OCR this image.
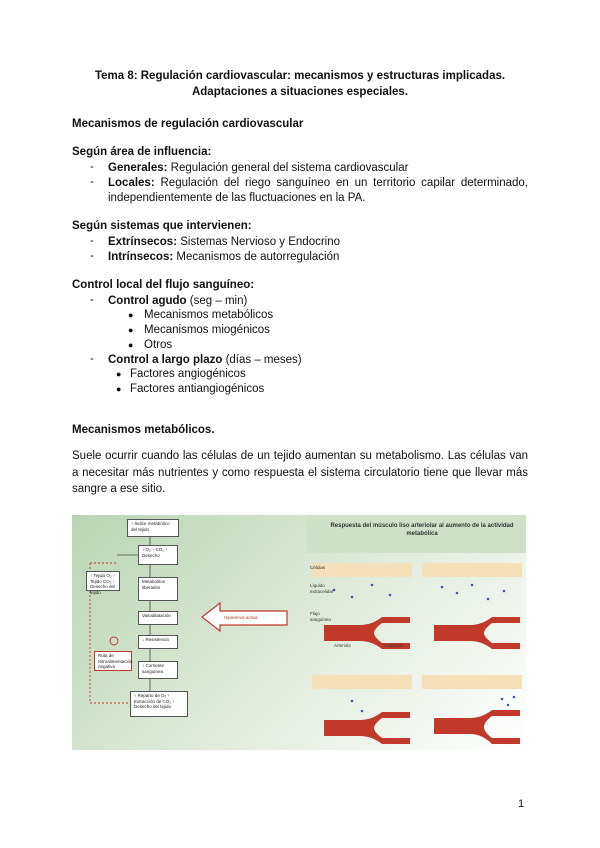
Tema 8: Regulación cardiovascular: mecanismos y estructuras implicadas.
Adaptaciones a situaciones especiales.
Mecanismos de regulación cardiovascular
Según área de influencia:
- Generales: Regulación general del sistema cardiovascular
- Locales: Regulación del riego sanguíneo en un territorio capilar determinado,
independientemente de las fluctuaciones en la PA.
Según sistemas que intervienen:
- Extrínsecos: Sistemas Nervioso y Endocrino
- Intrínsecos: Mecanismos de autorregulación
Control local del flujo sanguíneo:
- Control agudo (seg – min)
● Mecanismos metabólicos
● Mecanismos miogénicos
● Otros
- Control a largo plazo (días – meses)
● Factores angiogénicos
● Factores antiangiogénicos
Mecanismos metabólicos.
Suele ocurrir cuando las células de un tejido aumentan su metabolismo. Las células van a necesitar más nutrientes y como respuesta el sistema circulatorio tiene que llevar más sangre a ese sitio.
Respuesta del músculo liso arteriolar al aumento de la actividad metabólica
↑ Índice metabólico del tejido
↑ O₂ ↑ CO₂ ↑ Desecho
Metabolitos liberados
Vasodilatación
↓ Resistencia
↑ Corriente sanguínea
↑ Reparto de O₂ ↑ Extracción de CO₂ ↑ Desecho del tejido
↑ Tejido O₂ ↑ Tejido CO₂ ↑ Desecho del tejido
Ruta de retroalimentación negativa
Hiperemia activa
Células
Líquido extracelular
Flujo sanguíneo
Arteriola	Capilares
1
